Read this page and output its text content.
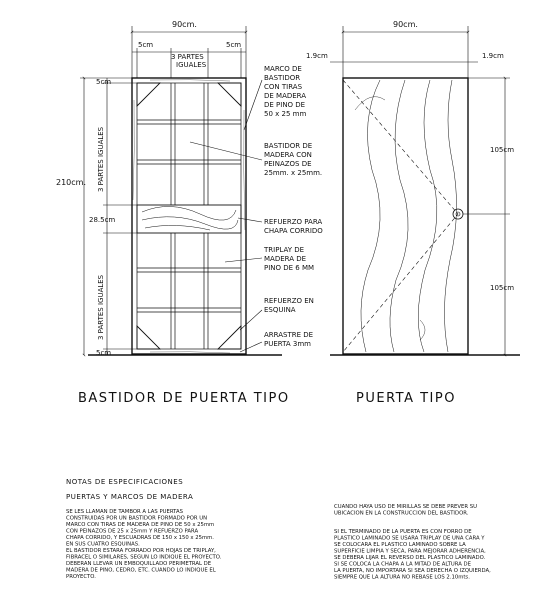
90cm.
5cm	5cm
3 PARTES
IGUALES
5cm
210cm.
28.5cm
5cm
3 PARTES IGUALES
3 PARTES IGUALES
MARCO DE
BASTIDOR
CON TIRAS
DE MADERA
DE PINO DE
50 x 25 mm
BASTIDOR DE
MADERA CON
PEINAZOS DE
25mm. x 25mm.
REFUERZO PARA
CHAPA CORRIDO
TRIPLAY DE
MADERA DE
PINO DE 6 MM
REFUERZO EN
ESQUINA
ARRASTRE DE
PUERTA 3mm
90cm.
1.9cm	1.9cm
105cm
105cm
BASTIDOR DE PUERTA TIPO	PUERTA TIPO
NOTAS DE ESPECIFICACIONES
PUERTAS Y MARCOS DE MADERA
SE LES LLAMAN DE TAMBOR A LAS PUERTAS
CONSTRUIDAS POR UN BASTIDOR FORMADO POR UN
MARCO CON TIRAS DE MADERA DE PINO DE 50 x 25mm
CON PEINAZOS DE 25 x 25mm Y REFUERZO PARA
CHAPA CORRIDO, Y ESCUADRAS DE 150 x 150 x 25mm.
EN SUS CUATRO ESQUINAS.
EL BASTIDOR ESTARA FORRADO POR HOJAS DE TRIPLAY,
FIBRACEL O SIMILARES, SEGUN LO INDIQUE EL PROYECTO.
DEBERAN LLEVAR UN EMBOQUILLADO PERIMETRAL DE
MADERA DE PINO, CEDRO, ETC. CUANDO LO INDIQUE EL
PROYECTO.
CUANDO HAYA USO DE MIRILLAS SE DEBE PREVER SU
UBICACION EN LA CONSTRUCCION DEL BASTIDOR.
SI EL TERMINADO DE LA PUERTA ES CON FORRO DE
PLASTICO LAMINADO SE USARA TRIPLAY DE UNA CARA Y
SE COLOCARA EL PLASTICO LAMINADO SOBRE LA
SUPERFICIE LIMPIA Y SECA, PARA MEJORAR ADHERENCIA,
SE DEBERA LIJAR EL REVERSO DEL PLASTICO LAMINADO.
SI SE COLOCA LA CHAPA A LA MITAD DE ALTURA DE
LA PUERTA, NO IMPORTARA SI SEA DERECHA O IZQUIERDA,
SIEMPRE QUE LA ALTURA NO REBASE LOS 2.10mts.
